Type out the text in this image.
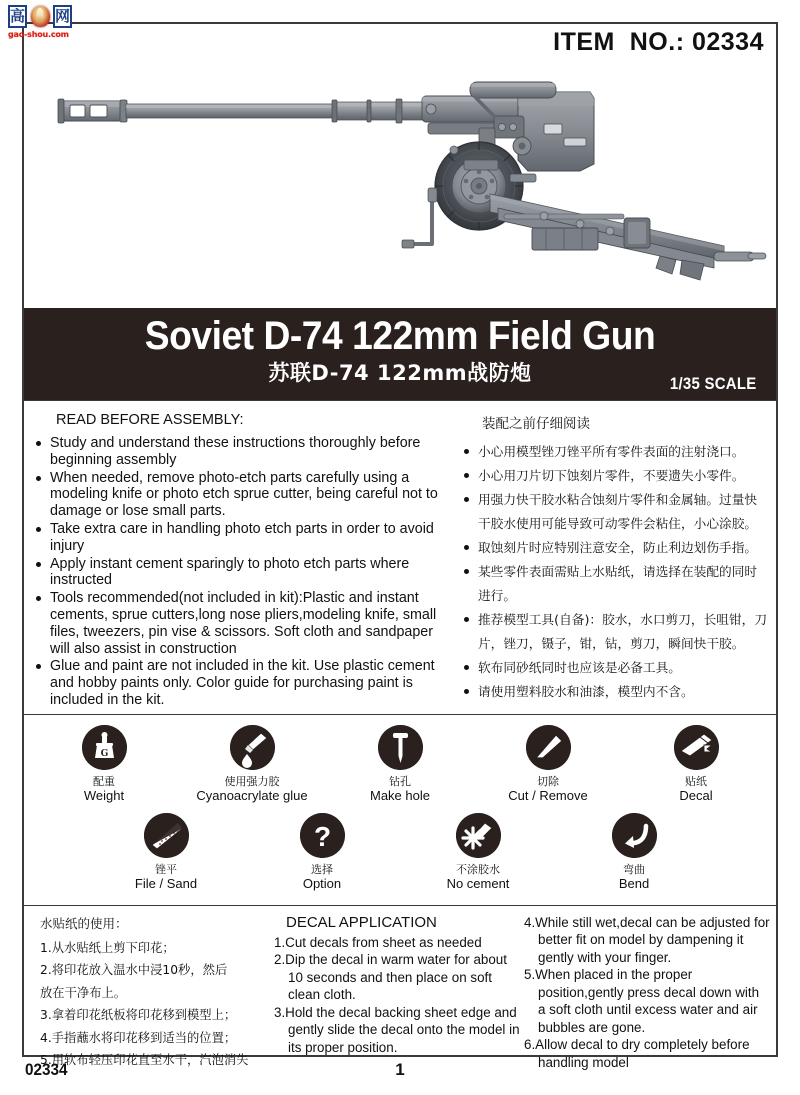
高 网
gao-shou.com	ITEM  NO.: 02334
Soviet D-74 122mm Field Gun
苏联D-74 122mm战防炮	1/35 SCALE
READ BEFORE ASSEMBLY:
Study and understand these instructions thoroughly before beginning assembly
When needed, remove photo-etch parts carefully using a modeling knife or photo etch sprue cutter, being careful not to damage or lose small parts.
Take extra care in handling photo etch parts in order to avoid injury
Apply instant cement sparingly to photo etch parts where instructed
Tools recommended(not included in kit):Plastic and instant cements, sprue cutters,long nose pliers,modeling knife, small files, tweezers, pin vise & scissors. Soft cloth and sandpaper will also assist in construction
Glue and paint are not included in the kit. Use plastic cement and hobby paints only. Color guide for purchasing paint is included in the kit.
装配之前仔细阅读
小心用模型锉刀锉平所有零件表面的注射浇口。
小心用刀片切下蚀刻片零件，不要遗失小零件。
用强力快干胶水粘合蚀刻片零件和金属轴。过量快干胶水使用可能导致可动零件会粘住，小心涂胶。
取蚀刻片时应特别注意安全，防止利边划伤手指。
某些零件表面需贴上水贴纸，请选择在装配的同时进行。
推荐模型工具(自备)：胶水，水口剪刀，长咀钳，刀片，锉刀，镊子，钳，钻，剪刀，瞬间快干胶。
软布同砂纸同时也应该是必备工具。
请使用塑料胶水和油漆，模型内不含。
G
配重
Weight
使用强力胶
Cyanoacrylate glue
钻孔
Make hole
切除
Cut / Remove
贴纸
Decal
锉平
File / Sand
?
选择
Option
不涂胶水
No cement
弯曲
Bend
水贴纸的使用：
1.从水贴纸上剪下印花；
2.将印花放入温水中浸10秒，然后
放在干净布上。
3.拿着印花纸板将印花移到模型上；
4.手指蘸水将印花移到适当的位置；
5.用软布轻压印花直至水干，汽泡消失
DECAL APPLICATION
1.Cut decals from sheet as needed
2.Dip the decal in warm water for about 10 seconds and then place on soft clean cloth.
3.Hold the decal backing sheet edge and gently slide the decal onto the model in its proper position.
4.While still wet,decal can be adjusted for better fit on model by dampening it gently with your finger.
5.When placed in the proper position,gently press decal down with a soft cloth until excess water and air bubbles are gone.
6.Allow decal to dry completely before handling model
02334	1
